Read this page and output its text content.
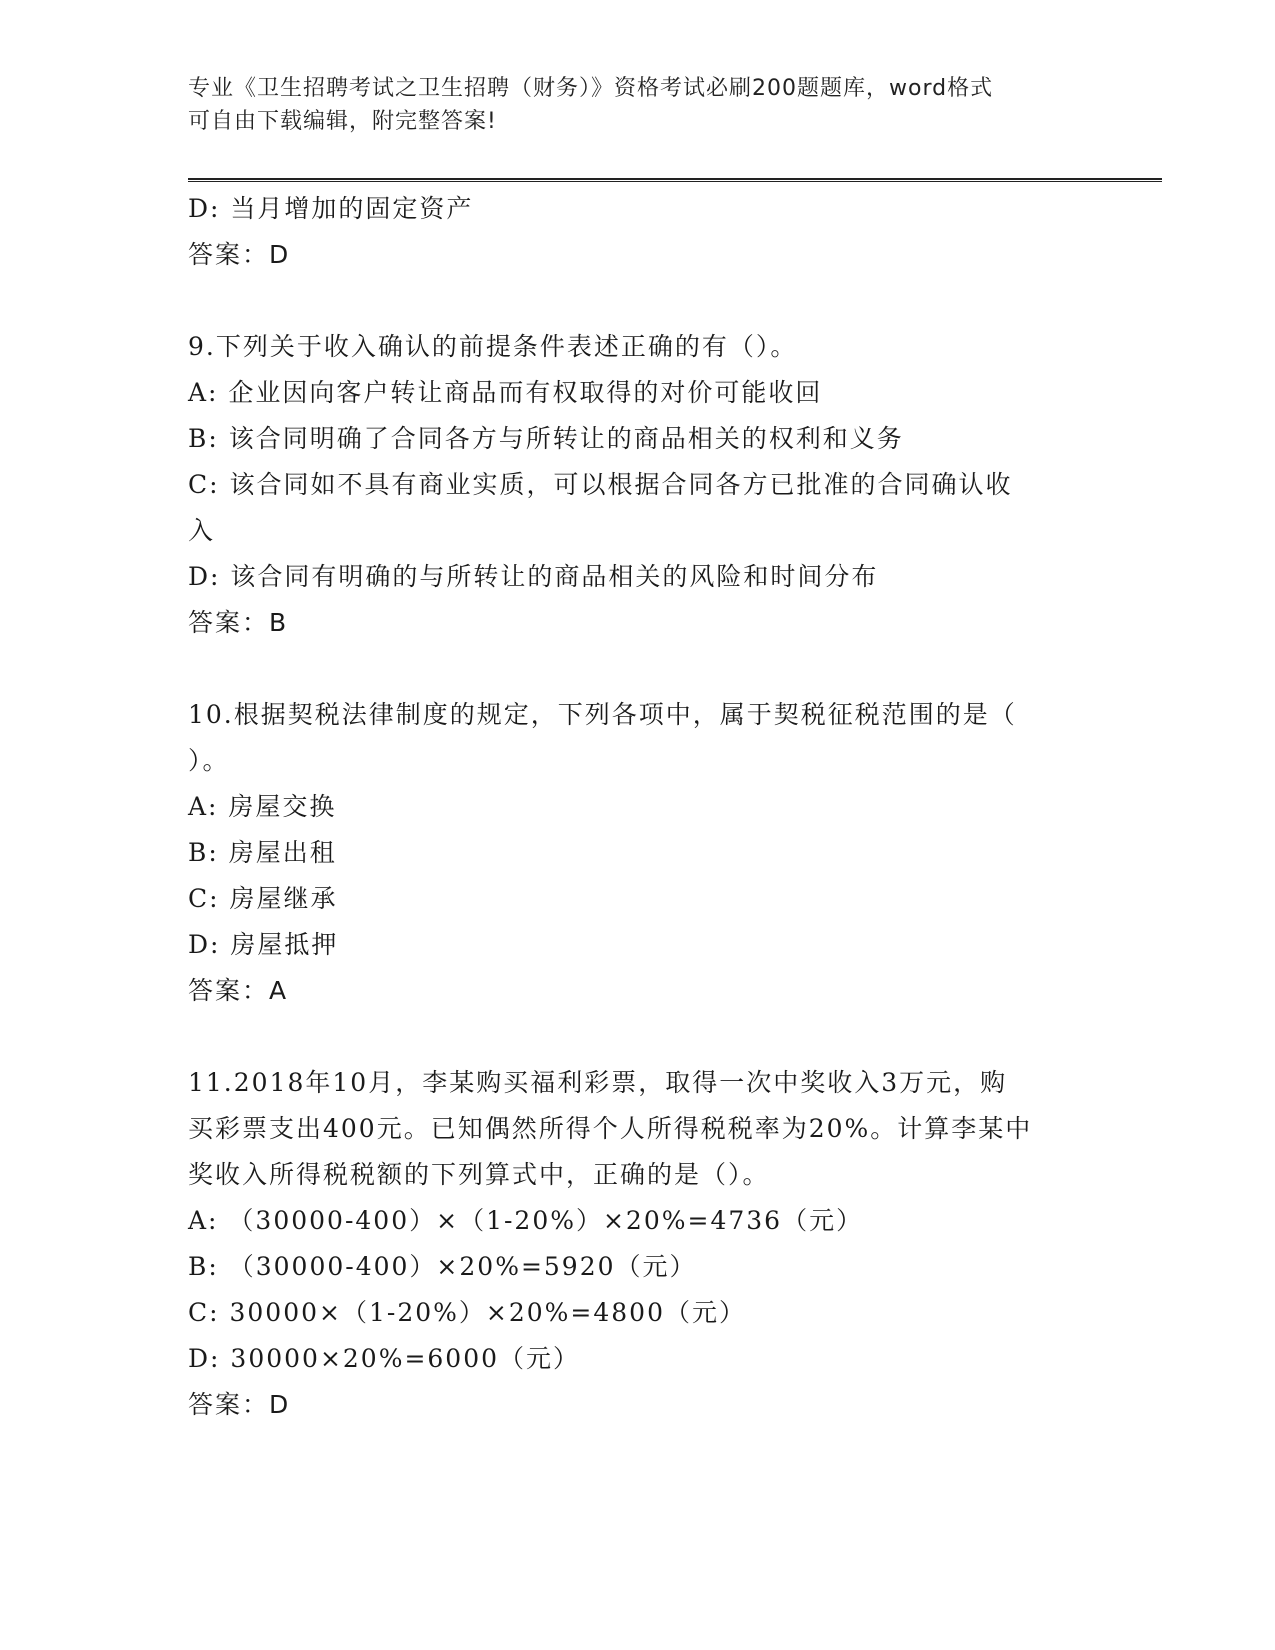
专业《卫生招聘考试之卫生招聘（财务）》资格考试必刷200题题库，word格式
可自由下载编辑，附完整答案!
D: 当月增加的固定资产
答案：D
9.下列关于收入确认的前提条件表述正确的有（）。
A: 企业因向客户转让商品而有权取得的对价可能收回
B: 该合同明确了合同各方与所转让的商品相关的权利和义务
C: 该合同如不具有商业实质，可以根据合同各方已批准的合同确认收
入
D: 该合同有明确的与所转让的商品相关的风险和时间分布
答案：B
10.根据契税法律制度的规定，下列各项中，属于契税征税范围的是（
）。
A: 房屋交换
B: 房屋出租
C: 房屋继承
D: 房屋抵押
答案：A
11.2018年10月，李某购买福利彩票，取得一次中奖收入3万元，购
买彩票支出400元。已知偶然所得个人所得税税率为20%。计算李某中
奖收入所得税税额的下列算式中，正确的是（）。
A: （30000-400）×（1-20%）×20%=4736（元）
B: （30000-400）×20%=5920（元）
C: 30000×（1-20%）×20%=4800（元）
D: 30000×20%=6000（元）
答案：D
